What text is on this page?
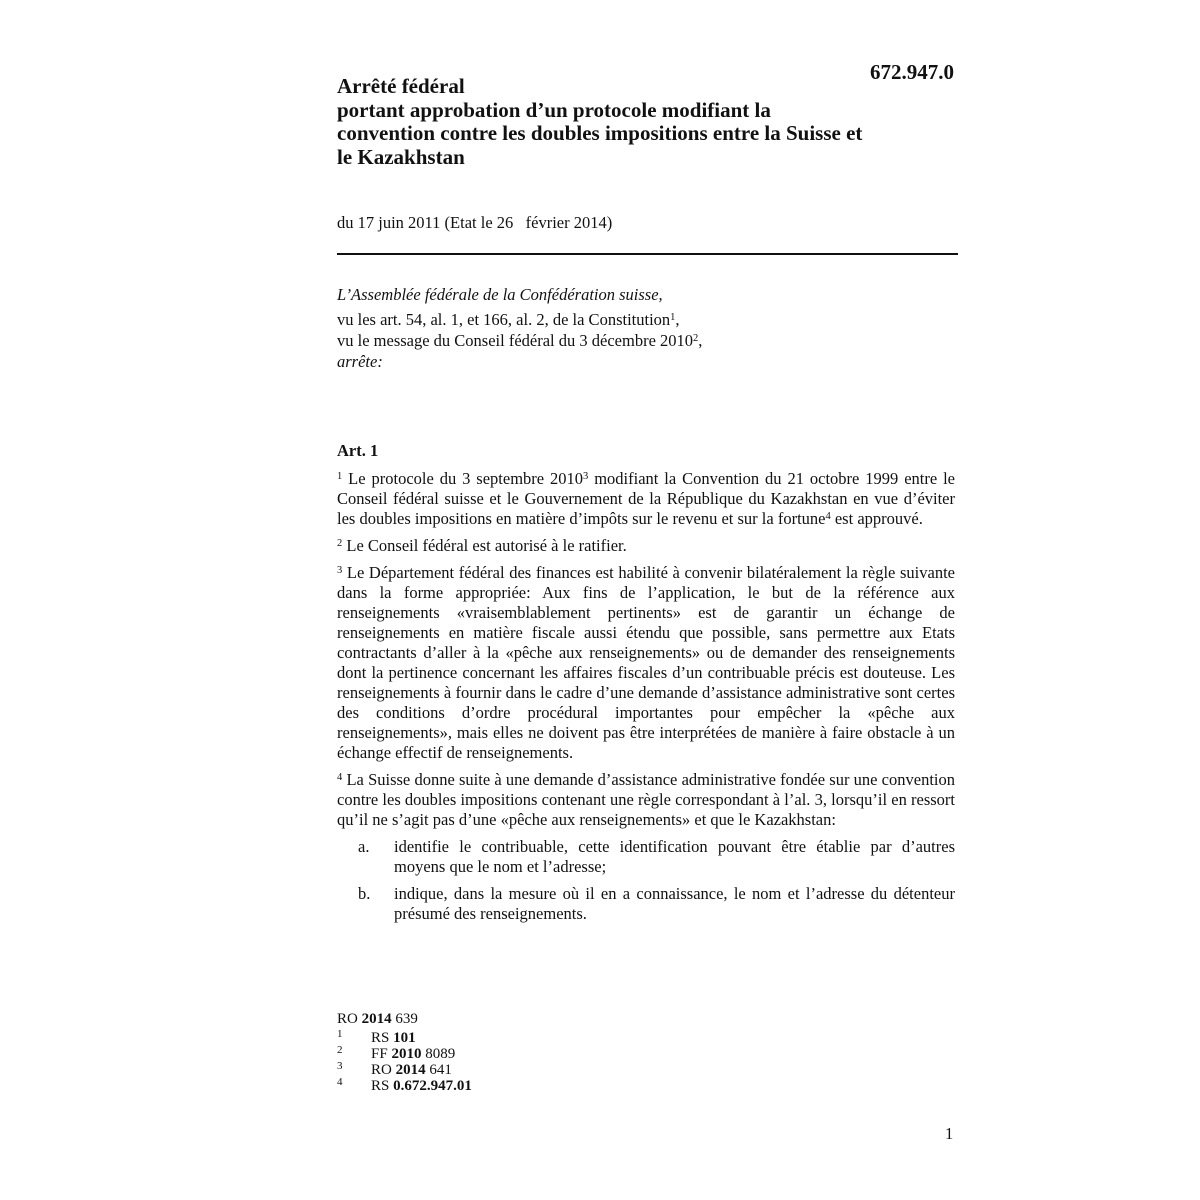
672.947.0
Arrêté fédéral
portant approbation d’un protocole modifiant la
convention contre les doubles impositions entre la Suisse et
le Kazakhstan
du 17 juin 2011 (Etat le 26   février 2014)
L’Assemblée fédérale de la Confédération suisse,
vu les art. 54, al. 1, et 166, al. 2, de la Constitution$^1$,
vu le message du Conseil fédéral du 3 décembre 2010$^2$,
arrête:
Art. 1

$^1$ Le protocole du 3 septembre 2010$^3$ modifiant la Convention du 21 octobre 1999 entre le Conseil fédéral suisse et le Gouvernement de la République du Kazakhstan en vue d’éviter les doubles impositions en matière d’impôts sur le revenu et sur la fortune$^4$ est approuvé.

$^2$ Le Conseil fédéral est autorisé à le ratifier.

$^3$ Le Département fédéral des finances est habilité à convenir bilatéralement la règle suivante dans la forme appropriée: Aux fins de l’application, le but de la référence aux renseignements «vraisemblablement pertinents» est de garantir un échange de renseignements en matière fiscale aussi étendu que possible, sans permettre aux Etats contractants d’aller à la «pêche aux renseignements» ou de demander des renseignements dont la pertinence concernant les affaires fiscales d’un contribuable précis est douteuse. Les renseignements à fournir dans le cadre d’une demande d’assistance administrative sont certes des conditions d’ordre procédural importantes pour empêcher la «pêche aux renseignements», mais elles ne doivent pas être interprétées de manière à faire obstacle à un échange effectif de renseignements.

$^4$ La Suisse donne suite à une demande d’assistance administrative fondée sur une convention contre les doubles impositions contenant une règle correspondant à l’al. 3, lorsqu’il en ressort qu’il ne s’agit pas d’une «pêche aux renseignements» et que le Kazakhstan:

a. identifie le contribuable, cette identification pouvant être établie par d’autres moyens que le nom et l’adresse;
b. indique, dans la mesure où il en a connaissance, le nom et l’adresse du détenteur présumé des renseignements.
RO 2014 639
1 RS 101
2 FF 2010 8089
3 RO 2014 641
4 RS 0.672.947.01
1
